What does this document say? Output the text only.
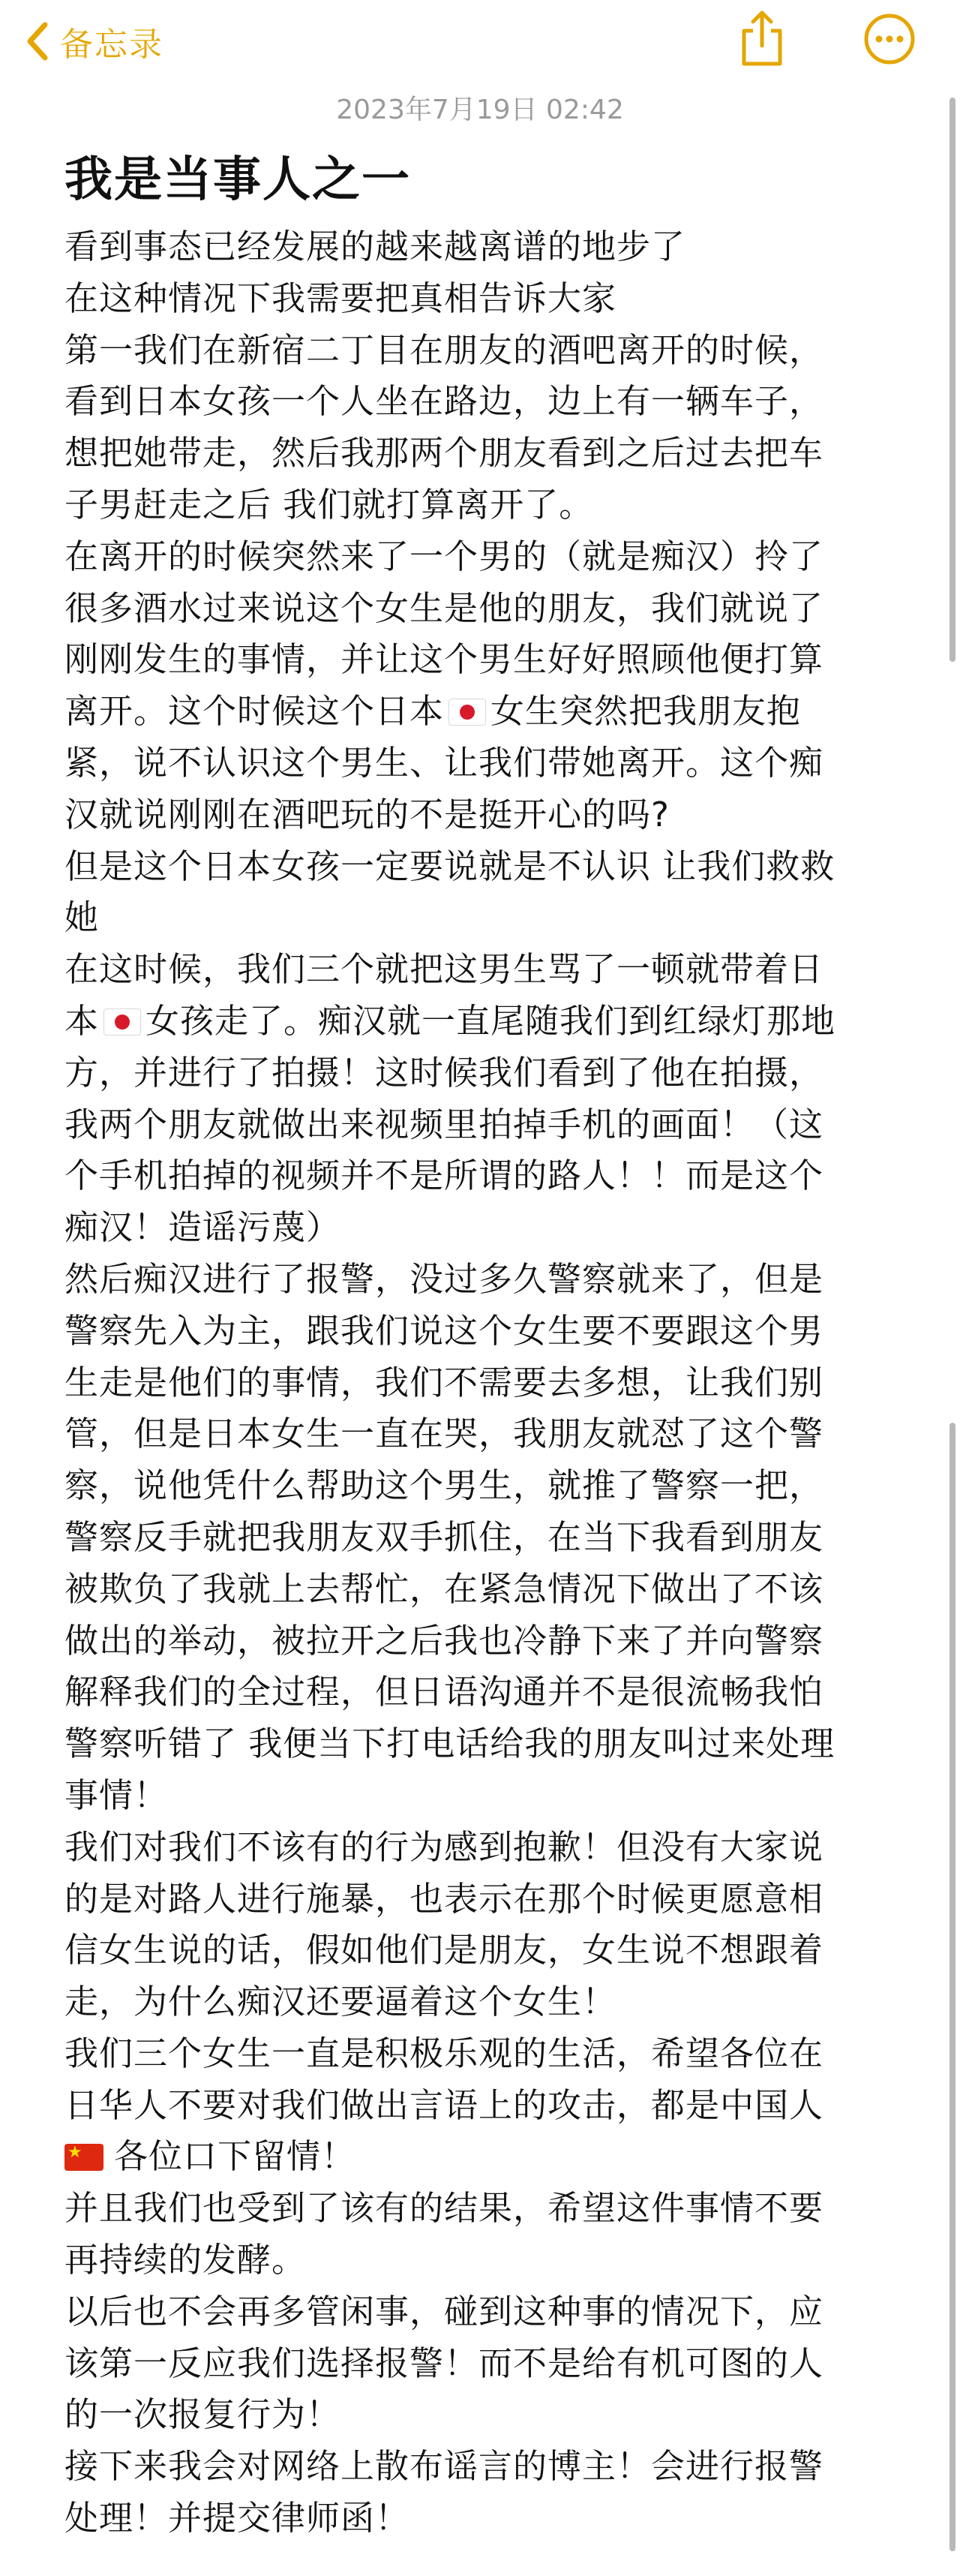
备忘录
2023年7月19日 02:42
我是当事人之一
看到事态已经发展的越来越离谱的地步了
在这种情况下我需要把真相告诉大家
第一我们在新宿二丁目在朋友的酒吧离开的时候，
看到日本女孩一个人坐在路边，边上有一辆车子，
想把她带走，然后我那两个朋友看到之后过去把车
子男赶走之后 我们就打算离开了。
在离开的时候突然来了一个男的（就是痴汉）拎了
很多酒水过来说这个女生是他的朋友，我们就说了
刚刚发生的事情，并让这个男生好好照顾他便打算
离开。这个时候这个日本 女生突然把我朋友抱
紧，说不认识这个男生、让我们带她离开。这个痴
汉就说刚刚在酒吧玩的不是挺开心的吗?
但是这个日本女孩一定要说就是不认识 让我们救救
她
在这时候，我们三个就把这男生骂了一顿就带着日
本 女孩走了。痴汉就一直尾随我们到红绿灯那地
方，并进行了拍摄！这时候我们看到了他在拍摄，
我两个朋友就做出来视频里拍掉手机的画面！（这
个手机拍掉的视频并不是所谓的路人！！而是这个
痴汉！造谣污蔑）
然后痴汉进行了报警，没过多久警察就来了，但是
警察先入为主，跟我们说这个女生要不要跟这个男
生走是他们的事情，我们不需要去多想，让我们别
管，但是日本女生一直在哭，我朋友就怼了这个警
察，说他凭什么帮助这个男生，就推了警察一把，
警察反手就把我朋友双手抓住，在当下我看到朋友
被欺负了我就上去帮忙，在紧急情况下做出了不该
做出的举动，被拉开之后我也冷静下来了并向警察
解释我们的全过程，但日语沟通并不是很流畅我怕
警察听错了 我便当下打电话给我的朋友叫过来处理
事情！
我们对我们不该有的行为感到抱歉！但没有大家说
的是对路人进行施暴，也表示在那个时候更愿意相
信女生说的话，假如他们是朋友，女生说不想跟着
走，为什么痴汉还要逼着这个女生！
我们三个女生一直是积极乐观的生活，希望各位在
日华人不要对我们做出言语上的攻击，都是中国人
★各位口下留情！
并且我们也受到了该有的结果，希望这件事情不要
再持续的发酵。
以后也不会再多管闲事，碰到这种事的情况下，应
该第一反应我们选择报警！而不是给有机可图的人
的一次报复行为！
接下来我会对网络上散布谣言的博主！会进行报警
处理！并提交律师函！
